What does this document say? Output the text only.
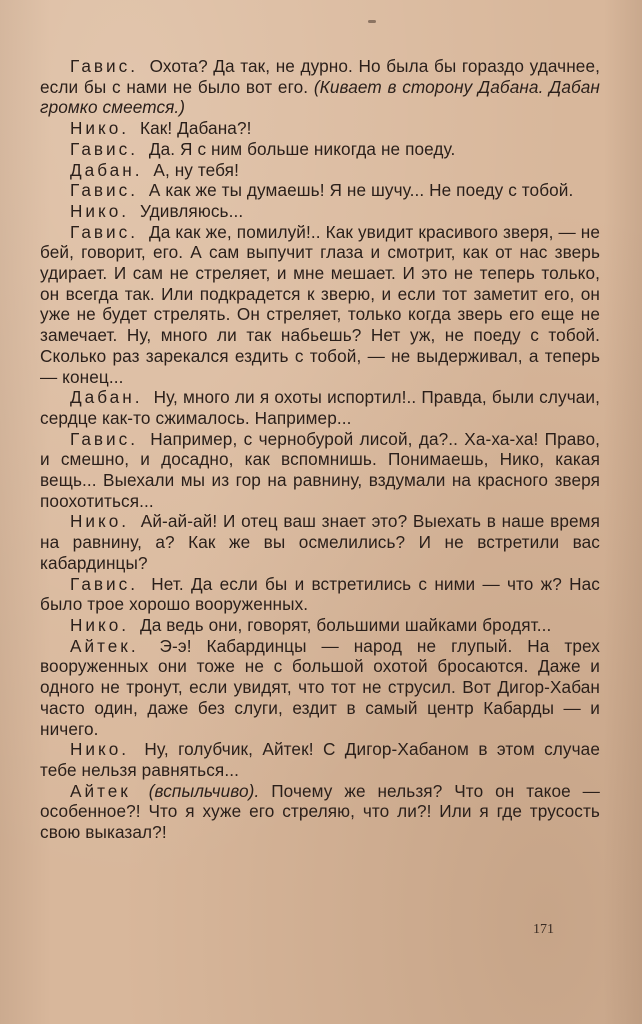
Гавис. Охота? Да так, не дурно. Но была бы гораздо удачнее, если бы с нами не было вот его. (Кивает в сторону Дабана. Дабан громко смеется.)

Нико. Как! Дабана?!

Гавис. Да. Я с ним больше никогда не поеду.

Дабан. А, ну тебя!

Гавис. А как же ты думаешь! Я не шучу... Не поеду с тобой.

Нико. Удивляюсь...

Гавис. Да как же, помилуй!.. Как увидит красивого зверя, — не бей, говорит, его. А сам выпучит глаза и смотрит, как от нас зверь удирает. И сам не стреляет, и мне мешает. И это не теперь только, он всегда так. Или подкрадется к зверю, и если тот заметит его, он уже не будет стрелять. Он стреляет, только когда зверь его еще не замечает. Ну, много ли так набьешь? Нет уж, не поеду с тобой. Сколько раз зарекался ездить с тобой, — не выдерживал, а теперь — конец...

Дабан. Ну, много ли я охоты испортил!.. Правда, были случаи, сердце как-то сжималось. Например...

Гавис. Например, с чернобурой лисой, да?.. Ха-ха-ха! Право, и смешно, и досадно, как вспомнишь. Понимаешь, Нико, какая вещь... Выехали мы из гор на равнину, вздумали на красного зверя поохотиться...

Нико. Ай-ай-ай! И отец ваш знает это? Выехать в наше время на равнину, а? Как же вы осмелились? И не встретили вас кабардинцы?

Гавис. Нет. Да если бы и встретились с ними — что ж? Нас было трое хорошо вооруженных.

Нико. Да ведь они, говорят, большими шайками бродят...

Айтек. Э-э! Кабардинцы — народ не глупый. На трех вооруженных они тоже не с большой охотой бросаются. Даже и одного не тронут, если увидят, что тот не струсил. Вот Дигор-Хабан часто один, даже без слуги, ездит в самый центр Кабарды — и ничего.

Нико. Ну, голубчик, Айтек! С Дигор-Хабаном в этом случае тебе нельзя равняться...

Айтек (вспыльчиво). Почему же нельзя? Что он такое — особенное?! Что я хуже его стреляю, что ли?! Или я где трусость свою выказал?!

171
